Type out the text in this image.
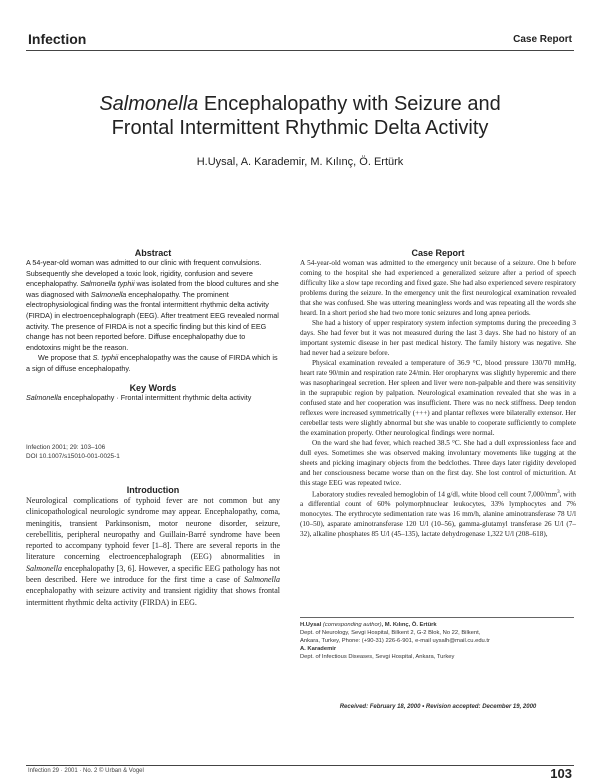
Infection	Case Report
Salmonella Encephalopathy with Seizure and
Frontal Intermittent Rhythmic Delta Activity
H.Uysal, A. Karademir, M. Kılınç, Ö. Ertürk
Abstract

A 54-year-old woman was admitted to our clinic with frequent convulsions. Subsequently she developed a toxic look, rigidity, confusion and severe encephalopathy. Salmonella typhii was isolated from the blood cultures and she was diagnosed with Salmonella encephalopathy. The prominent electrophysiological finding was the frontal intermittent rhythmic delta activity (FIRDA) in electroencephalograph (EEG). After treatment EEG revealed normal activity. The presence of FIRDA is not a specific finding but this kind of EEG change has not been reported before. Diffuse encephalopathy due to endotoxins might be the reason.

We propose that S. typhii encephalopathy was the cause of FIRDA which is a sign of diffuse encephalopathy.

Key Words
Salmonella encephalopathy · Frontal intermittent rhythmic delta activity
Infection 2001; 29: 103–106
DOI 10.1007/s15010-001-0025-1
Introduction

Neurological complications of typhoid fever are not common but any clinicopathological neurologic syndrome may appear. Encephalopathy, coma, meningitis, transient Parkinsonism, motor neurone disorder, seizure, cerebellitis, peripheral neuropathy and Guillain-Barré syndrome have been reported to accompany typhoid fever [1–8]. There are several reports in the literature concerning electroencephalograph (EEG) abnormalities in Salmonella encephalopathy [3, 6]. However, a specific EEG pathology has not been described. Here we introduce for the first time a case of Salmonella encephalopathy with seizure activity and transient rigidity that shows frontal intermittent rhythmic delta activity (FIRDA) in EEG.

Case Report

A 54-year-old woman was admitted to the emergency unit because of a seizure. One h before coming to the hospital she had experienced a generalized seizure after a period of speech difficulty like a slow tape recording and fixed gaze. She had also experienced severe respiratory problems during the seizure. In the emergency unit the first neurological examination revealed that she was confused. She was uttering meaningless words and was repeating all the words she heard. In a short period she had two more tonic seizures and long apnea periods.

She had a history of upper respiratory system infection symptoms during the preceeding 3 days. She had fever but it was not measured during the last 3 days. She had no history of an important systemic disease in her past medical history. The family history was negative. She had never had a seizure before.

Physical examination revealed a temperature of 36.9 °C, blood pressure 130/70 mmHg, heart rate 90/min and respiration rate 24/min. Her oropharynx was slightly hyperemic and there was nasopharingeal secretion. Her spleen and liver were non-palpable and there was sensitivity in the suprapubic region by palpation. Neurological examination revealed that she was in a confused state and her cooperation was insufficient. There was no neck stiffness. Deep tendon reflexes were increased symmetrically (+++) and plantar reflexes were bilaterally extensor. Her cerebellar tests were slightly abnormal but she was unable to cooperate sufficiently to complete the examination properly. Other neurological findings were normal.

On the ward she had fever, which reached 38.5 °C. She had a dull expressionless face and dull eyes. Sometimes she was observed making involuntary movements like tugging at the sheets and picking imaginary objects from the bedclothes. Three days later rigidity developed and her consciousness became worse than on the first day. She lost control of micturition. At this stage EEG was repeated twice.

Laboratory studies revealed hemoglobin of 14 g/dl, white blood cell count $7,000/mm^3$, with a differential count of 60% polymorphnuclear leukocytes, 33% lymphocytes and 7% monocytes. The erythrocyte sedimentation rate was 16 mm/h, alanine aminotransferase 78 U/l (10–50), asparate aminotransferase 120 U/l (10–56), gamma-glutamyl transferase 26 U/l (7–32), alkaline phosphates 85 U/l (45–135), lactate dehydrogenase 1,322 U/l (208–618),

H.Uysal (corresponding author), M. Kılınç, Ö. Ertürk

Dept. of Neurology, Sevgi Hospital, Bilkent 2, G-2 Blok, No 22, Bilkent,

Ankara, Turkey, Phone: (+90-31) 226-6-901, e-mail uysalh@mail.cu.edu.tr

A. Karademir

Dept. of Infectious Diseases, Sevgi Hospital, Ankara, Turkey

Received: February 18, 2000 • Revision accepted: December 19, 2000
Infection 29 · 2001 · No. 2 © Urban & Vogel	103
